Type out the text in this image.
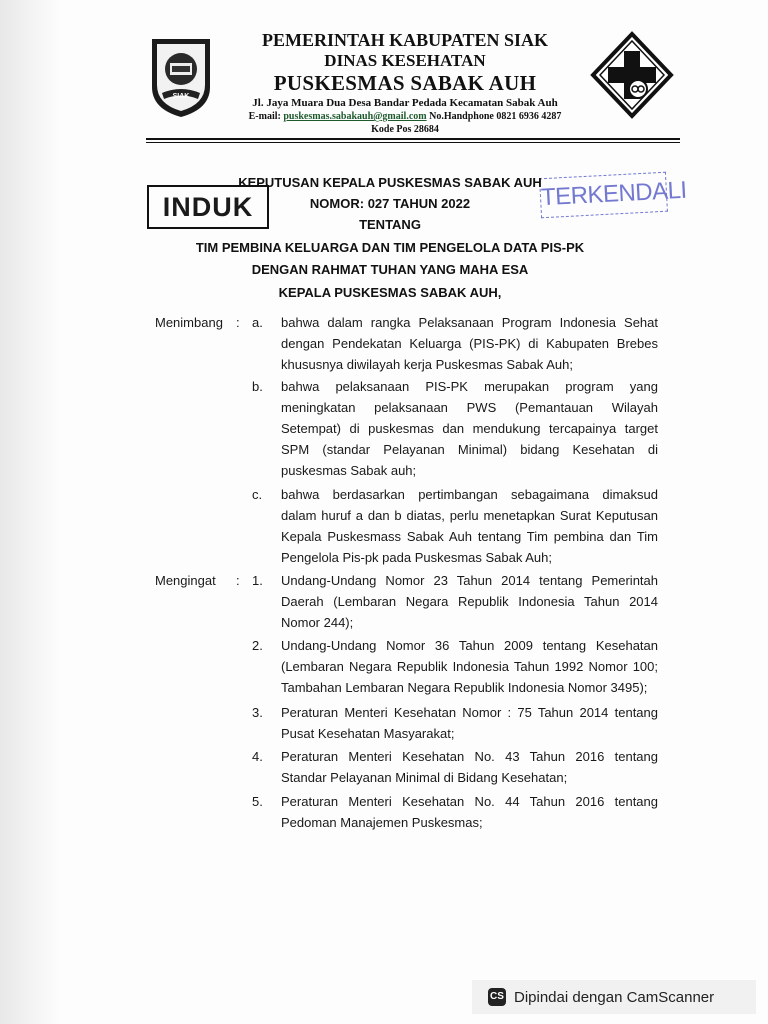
SIAK
PEMERINTAH KABUPATEN SIAK
DINAS KESEHATAN
PUSKESMAS SABAK AUH
Jl. Jaya Muara Dua Desa Bandar Pedada Kecamatan Sabak Auh
E-mail: puskesmas.sabakauh@gmail.com No.Handphone 0821 6936 4287
Kode Pos 28684
INDUK	TERKENDALI
KEPUTUSAN KEPALA PUSKESMAS SABAK AUH
NOMOR: 027 TAHUN 2022
TENTANG
TIM PEMBINA KELUARGA DAN TIM PENGELOLA DATA PIS-PK
DENGAN RAHMAT TUHAN YANG MAHA ESA
KEPALA PUSKESMAS SABAK AUH,
Menimbang : a. bahwa dalam rangka Pelaksanaan Program Indonesia Sehat dengan Pendekatan Keluarga (PIS-PK) di Kabupaten Brebes khususnya diwilayah kerja Puskesmas Sabak Auh;
b. bahwa pelaksanaan PIS-PK merupakan program yang meningkatan pelaksanaan PWS (Pemantauan Wilayah Setempat) di puskesmas dan mendukung tercapainya target SPM (standar Pelayanan Minimal) bidang Kesehatan di puskesmas Sabak auh;
c. bahwa berdasarkan pertimbangan sebagaimana dimaksud dalam huruf a dan b diatas, perlu menetapkan Surat Keputusan Kepala Puskesmass Sabak Auh tentang Tim pembina dan Tim Pengelola Pis-pk pada Puskesmas Sabak Auh;
Mengingat : 1. Undang-Undang Nomor 23 Tahun 2014 tentang Pemerintah Daerah (Lembaran Negara Republik Indonesia Tahun 2014 Nomor 244);
2. Undang-Undang Nomor 36 Tahun 2009 tentang Kesehatan (Lembaran Negara Republik Indonesia Tahun 1992 Nomor 100; Tambahan Lembaran Negara Republik Indonesia Nomor 3495);
3. Peraturan Menteri Kesehatan Nomor : 75 Tahun 2014 tentang Pusat Kesehatan Masyarakat;
4. Peraturan Menteri Kesehatan No. 43 Tahun 2016 tentang Standar Pelayanan Minimal di Bidang Kesehatan;
5. Peraturan Menteri Kesehatan No. 44 Tahun 2016 tentang Pedoman Manajemen Puskesmas;
CS Dipindai dengan CamScanner
